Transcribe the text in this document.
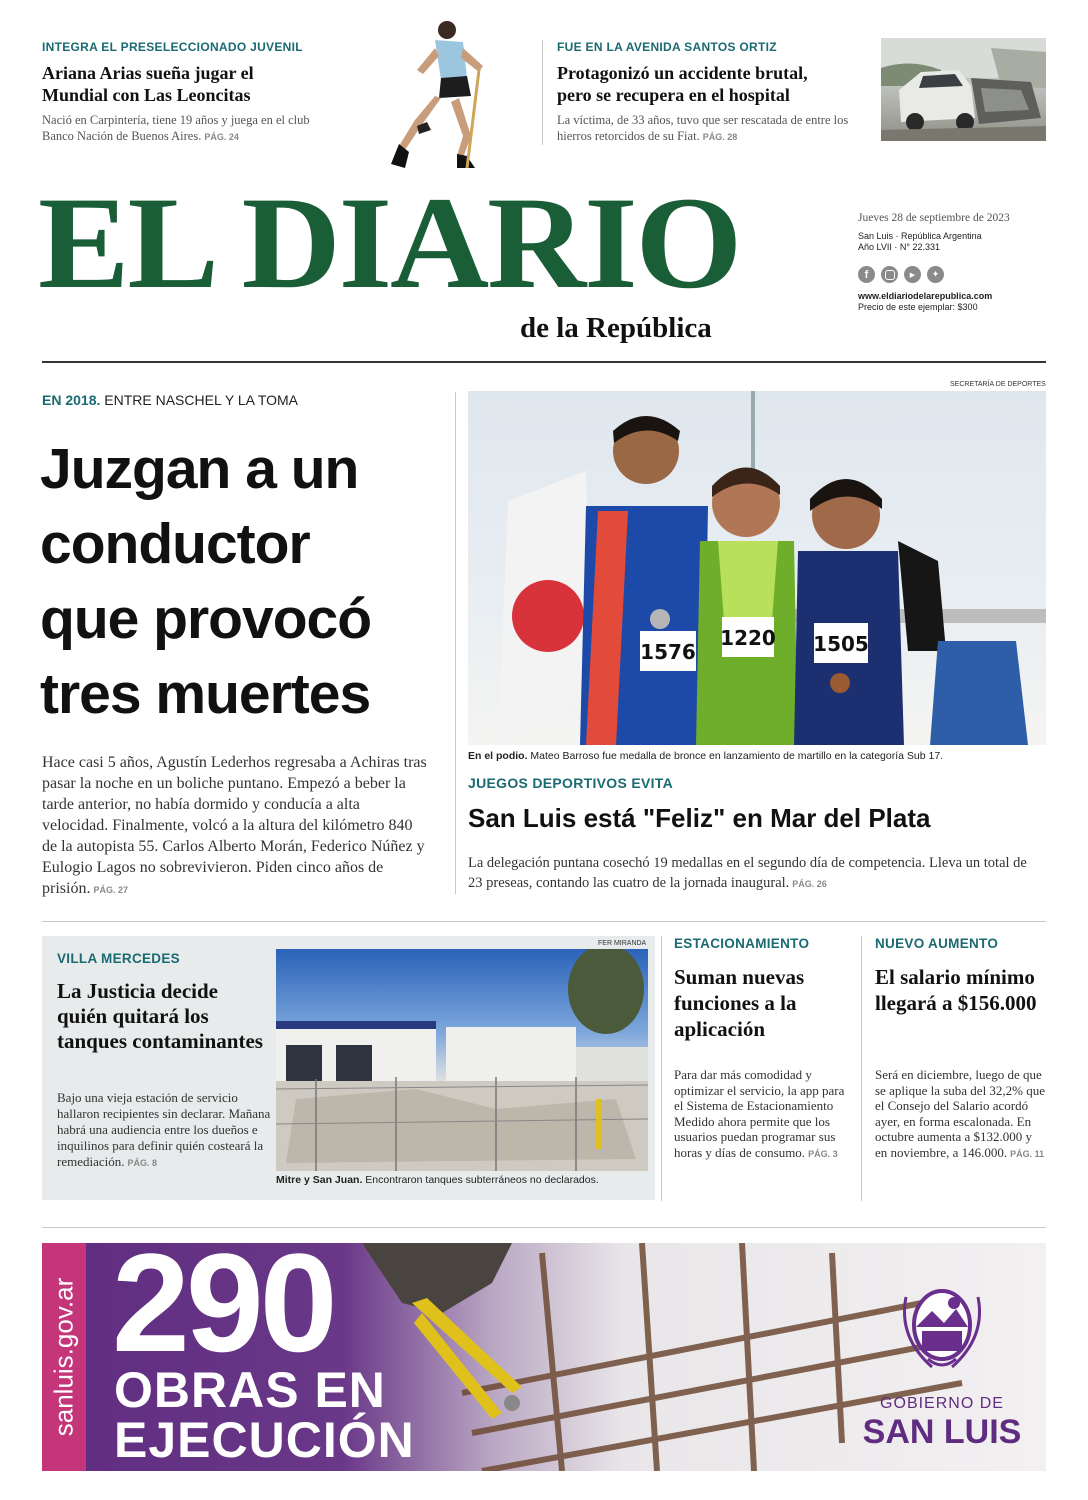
INTEGRA EL PRESELECCIONADO JUVENIL
Ariana Arias sueña jugar el Mundial con Las Leoncitas
Nació en Carpintería, tiene 19 años y juega en el club Banco Nación de Buenos Aires. PÁG. 24
FUE EN LA AVENIDA SANTOS ORTIZ
Protagonizó un accidente brutal, pero se recupera en el hospital
La víctima, de 33 años, tuvo que ser rescatada de entre los hierros retorcidos de su Fiat. PÁG. 28
EL DIARIO
de la República
Jueves 28 de septiembre de 2023
San Luis · República Argentina
Año LVII · N° 22.331
f	▶	✦
www.eldiariodelarepublica.com
Precio de este ejemplar: $300
EN 2018. ENTRE NASCHEL Y LA TOMA
Juzgan a un
conductor
que provocó
tres muertes
Hace casi 5 años, Agustín Lederhos regresaba a Achiras tras pasar la noche en un boliche puntano. Empezó a beber la tarde anterior, no había dormido y conducía a alta velocidad. Finalmente, volcó a la altura del kilómetro 840 de la autopista 55. Carlos Alberto Morán, Federico Núñez y Eulogio Lagos no sobrevivieron. Piden cinco años de prisión. PÁG. 27
SECRETARÍA DE DEPORTES
1576
1220 1505
En el podio. Mateo Barroso fue medalla de bronce en lanzamiento de martillo en la categoría Sub 17.
JUEGOS DEPORTIVOS EVITA
San Luis está "Feliz" en Mar del Plata
La delegación puntana cosechó 19 medallas en el segundo día de competencia. Lleva un total de 23 preseas, contando las cuatro de la jornada inaugural. PÁG. 26
VILLA MERCEDES
La Justicia decide quién quitará los tanques contaminantes
Bajo una vieja estación de servicio hallaron recipientes sin declarar. Mañana habrá una audiencia entre los dueños e inquilinos para definir quién costeará la remediación. PÁG. 8
FER MIRANDA
Mitre y San Juan. Encontraron tanques subterráneos no declarados.
ESTACIONAMIENTO
Suman nuevas funciones a la aplicación
Para dar más comodidad y optimizar el servicio, la app para el Sistema de Estacionamiento Medido ahora permite que los usuarios puedan programar sus horas y días de consumo. PÁG. 3
NUEVO AUMENTO
El salario mínimo llegará a $156.000
Será en diciembre, luego de que se aplique la suba del 32,2% que el Consejo del Salario acordó ayer, en forma escalonada. En octubre aumenta a $132.000 y en noviembre, a 146.000. PÁG. 11
sanluis.gov.ar 290
OBRAS EN
EJECUCIÓN
GOBIERNO DE
SAN LUIS
